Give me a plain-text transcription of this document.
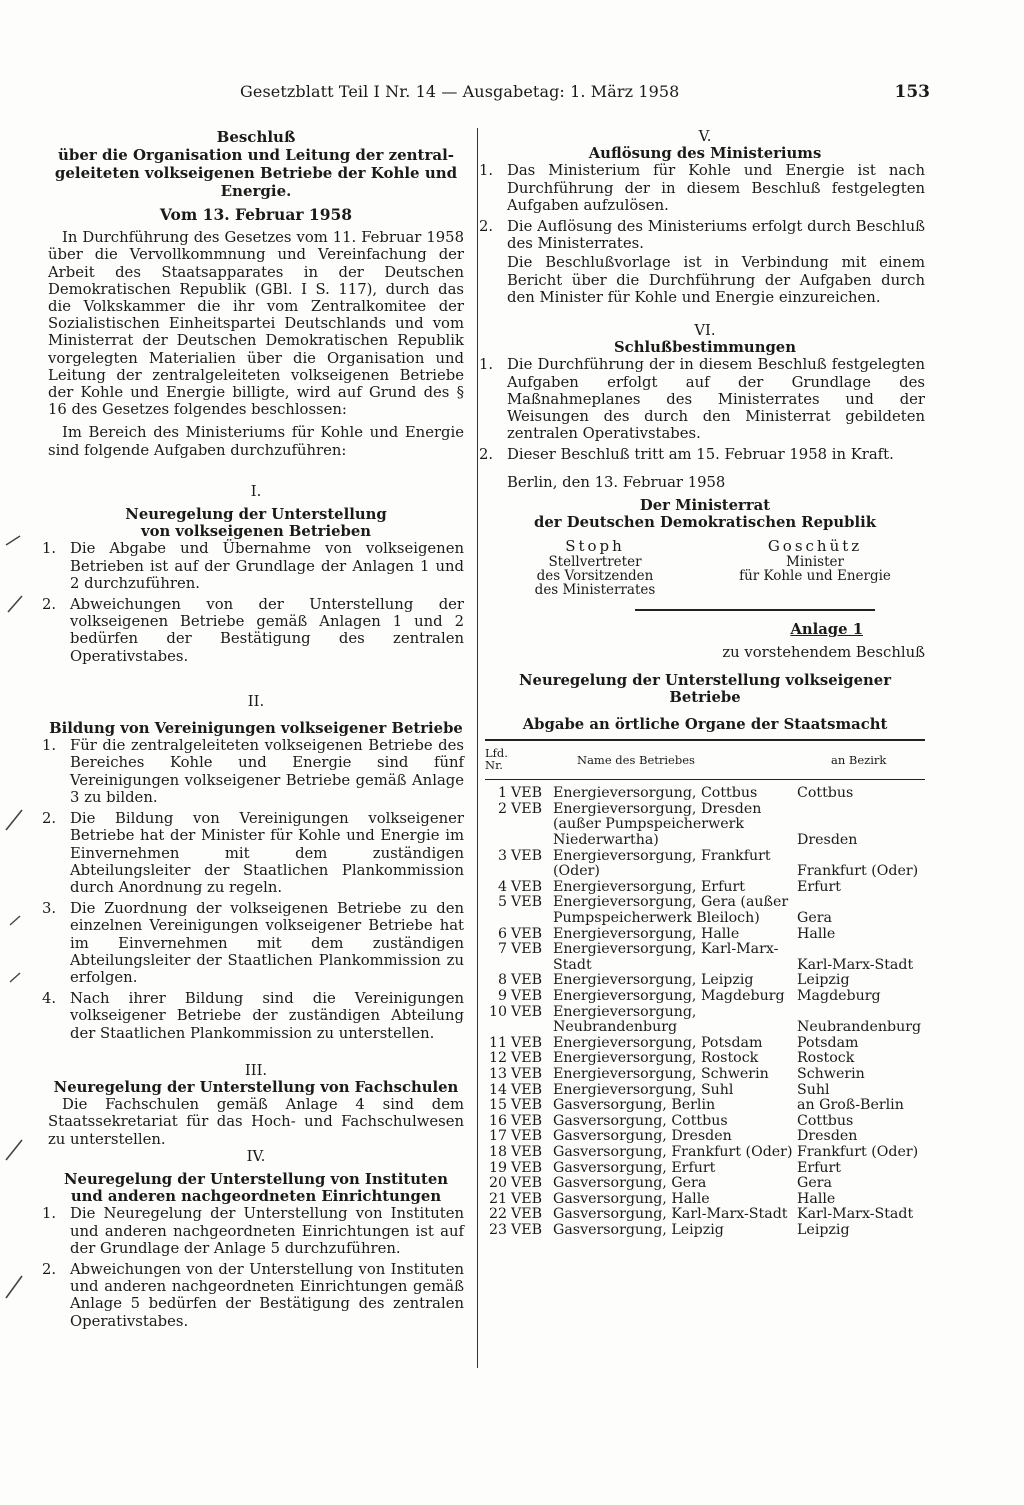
Gesetzblatt Teil I Nr. 14 — Ausgabetag: 1. März 1958	153
Beschluß
über die Organisation und Leitung der zentral-
geleiteten volkseigenen Betriebe der Kohle und
Energie.
Vom 13. Februar 1958

In Durchführung des Gesetzes vom 11. Februar 1958 über die Vervollkommnung und Vereinfachung der Arbeit des Staatsapparates in der Deutschen Demokratischen Republik (GBl. I S. 117), durch das die Volkskammer die ihr vom Zentralkomitee der Sozialistischen Einheitspartei Deutschlands und vom Ministerrat der Deutschen Demokratischen Republik vorgelegten Materialien über die Organisation und Leitung der zentralgeleiteten volkseigenen Betriebe der Kohle und Energie billigte, wird auf Grund des § 16 des Gesetzes folgendes beschlossen:

Im Bereich des Ministeriums für Kohle und Energie sind folgende Aufgaben durchzuführen:

I.
Neuregelung der Unterstellung
von volkseigenen Betrieben
1. Die Abgabe und Übernahme von volkseigenen Betrieben ist auf der Grundlage der Anlagen 1 und 2 durchzuführen.
2. Abweichungen von der Unterstellung der volkseigenen Betriebe gemäß Anlagen 1 und 2 bedürfen der Bestätigung des zentralen Operativstabes.
II.
Bildung von Vereinigungen volkseigener Betriebe
1. Für die zentralgeleiteten volkseigenen Betriebe des Bereiches Kohle und Energie sind fünf Vereinigungen volkseigener Betriebe gemäß Anlage 3 zu bilden.
2. Die Bildung von Vereinigungen volkseigener Betriebe hat der Minister für Kohle und Energie im Einvernehmen mit dem zuständigen Abteilungsleiter der Staatlichen Plankommission durch Anordnung zu regeln.
3. Die Zuordnung der volkseigenen Betriebe zu den einzelnen Vereinigungen volkseigener Betriebe hat im Einvernehmen mit dem zuständigen Abteilungsleiter der Staatlichen Plankommission zu erfolgen.
4. Nach ihrer Bildung sind die Vereinigungen volkseigener Betriebe der zuständigen Abteilung der Staatlichen Plankommission zu unterstellen.
III.
Neuregelung der Unterstellung von Fachschulen

Die Fachschulen gemäß Anlage 4 sind dem Staatssekretariat für das Hoch- und Fachschulwesen zu unterstellen.

IV.
Neuregelung der Unterstellung von Instituten
und anderen nachgeordneten Einrichtungen
1. Die Neuregelung der Unterstellung von Instituten und anderen nachgeordneten Einrichtungen ist auf der Grundlage der Anlage 5 durchzuführen.
2. Abweichungen von der Unterstellung von Instituten und anderen nachgeordneten Einrichtungen gemäß Anlage 5 bedürfen der Bestätigung des zentralen Operativstabes.
V.
Auflösung des Ministeriums
1. Das Ministerium für Kohle und Energie ist nach Durchführung der in diesem Beschluß festgelegten Aufgaben aufzulösen.
2. Die Auflösung des Ministeriums erfolgt durch Beschluß des Ministerrates.

Die Beschlußvorlage ist in Verbindung mit einem Bericht über die Durchführung der Aufgaben durch den Minister für Kohle und Energie einzureichen.

VI.
Schlußbestimmungen
1. Die Durchführung der in diesem Beschluß festgelegten Aufgaben erfolgt auf der Grundlage des Maßnahmeplanes des Ministerrates und der Weisungen des durch den Ministerrat gebildeten zentralen Operativstabes.
2. Dieser Beschluß tritt am 15. Februar 1958 in Kraft.
Berlin, den 13. Februar 1958
Der Ministerrat
der Deutschen Demokratischen Republik
Stoph
Stellvertreter
des Vorsitzenden
des Ministerrates
Goschütz
Minister
für Kohle und Energie
Anlage 1
zu vorstehendem Beschluß
Neuregelung der Unterstellung volkseigener Betriebe
Abgabe an örtliche Organe der Staatsmacht
Lfd.
Nr.	Name des Betriebes		an Bezirk
1	VEB	Energieversorgung, Cottbus	Cottbus
2	VEB	Energieversorgung, Dresden (außer Pumpspeicherwerk Niederwartha)	Dresden
3	VEB	Energieversorgung, Frankfurt (Oder)	Frankfurt (Oder)
4	VEB	Energieversorgung, Erfurt	Erfurt
5	VEB	Energieversorgung, Gera (außer Pumpspeicherwerk Bleiloch)	Gera
6	VEB	Energieversorgung, Halle	Halle
7	VEB	Energieversorgung, Karl-Marx-Stadt	Karl-Marx-Stadt
8	VEB	Energieversorgung, Leipzig	Leipzig
9	VEB	Energieversorgung, Magdeburg	Magdeburg
10	VEB	Energieversorgung, Neubrandenburg	Neubrandenburg
11	VEB	Energieversorgung, Potsdam	Potsdam
12	VEB	Energieversorgung, Rostock	Rostock
13	VEB	Energieversorgung, Schwerin	Schwerin
14	VEB	Energieversorgung, Suhl	Suhl
15	VEB	Gasversorgung, Berlin	an Groß-Berlin
16	VEB	Gasversorgung, Cottbus	Cottbus
17	VEB	Gasversorgung, Dresden	Dresden
18	VEB	Gasversorgung, Frankfurt (Oder)	Frankfurt (Oder)
19	VEB	Gasversorgung, Erfurt	Erfurt
20	VEB	Gasversorgung, Gera	Gera
21	VEB	Gasversorgung, Halle	Halle
22	VEB	Gasversorgung, Karl-Marx-Stadt	Karl-Marx-Stadt
23	VEB	Gasversorgung, Leipzig	Leipzig
